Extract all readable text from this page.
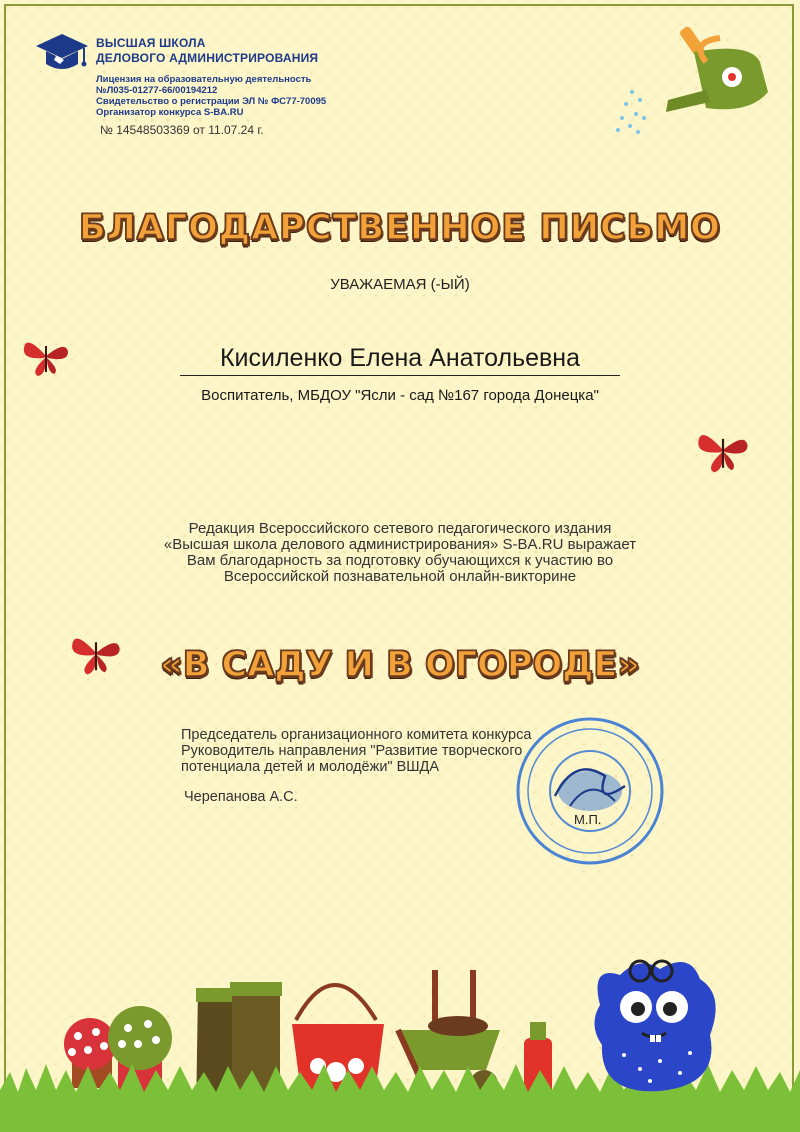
ВЫСШАЯ ШКОЛА
ДЕЛОВОГО АДМИНИСТРИРОВАНИЯ
Лицензия на образовательную деятельность
№Л035-01277-66/00194212
Свидетельство о регистрации ЭЛ № ФС77-70095
Организатор конкурса S-BA.RU
№ 14548503369 от 11.07.24 г.
БЛАГОДАРСТВЕННОЕ ПИСЬМО
УВАЖАЕМАЯ (-ЫЙ)
Кисиленко Елена Анатольевна
Воспитатель, МБДОУ "Ясли - сад №167 города Донецка"
Редакция Всероссийского сетевого педагогического издания «Высшая школа делового администрирования» S-BA.RU выражает Вам благодарность за подготовку обучающихся к участию во Всероссийской познавательной онлайн-викторине
«В САДУ И В ОГОРОДЕ»
Председатель организационного комитета конкурса
Руководитель направления "Развитие творческого
потенциала детей и молодёжи" ВШДА
Черепанова А.С.
М.П.
